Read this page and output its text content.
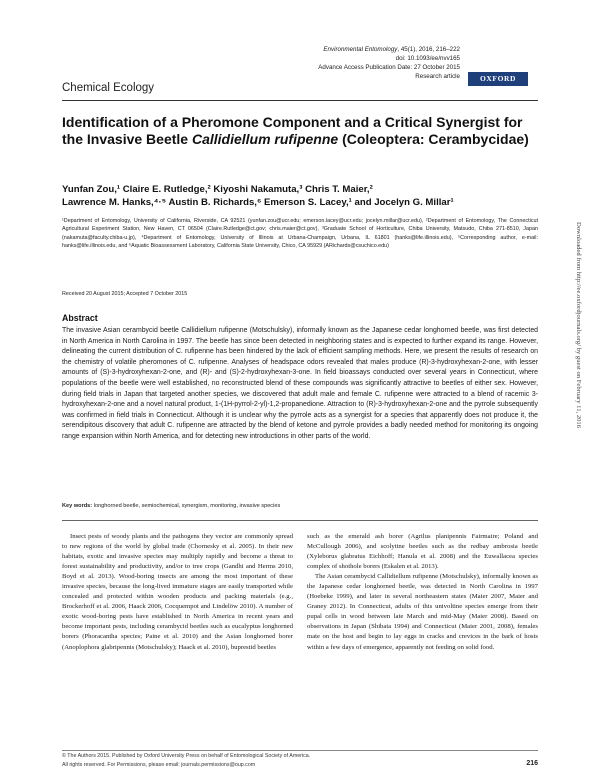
Environmental Entomology, 45(1), 2016, 216–222
doi: 10.1093/ee/nvv165
Advance Access Publication Date: 27 October 2015
Research article	OXFORD
Chemical Ecology
Identification of a Pheromone Component and a Critical Synergist for the Invasive Beetle Callidiellum rufipenne (Coleoptera: Cerambycidae)
Yunfan Zou,¹ Claire E. Rutledge,² Kiyoshi Nakamuta,³ Chris T. Maier,²
Lawrence M. Hanks,⁴·⁵ Austin B. Richards,⁶ Emerson S. Lacey,¹ and Jocelyn G. Millar¹
¹Department of Entomology, University of California, Riverside, CA 92521 (yunfan.zou@ucr.edu; emerson.lacey@ucr.edu; jocelyn.millar@ucr.edu), ²Department of Entomology, The Connecticut Agricultural Experiment Station, New Haven, CT 06504 (Claire.Rutledge@ct.gov; chris.maier@ct.gov), ³Graduate School of Horticulture, Chiba University, Matsudo, Chiba 271-8510, Japan (nakamuta@faculty.chiba-u.jp), ⁴Department of Entomology, University of Illinois at Urbana-Champaign, Urbana, IL 61801 (hanks@life.illinois.edu), ⁵Corresponding author, e-mail: hanks@life.illinois.edu, and ⁶Aquatic Bioassessment Laboratory, California State University, Chico, CA 95929 (ARichards@csuchico.edu)
Received 20 August 2015; Accepted 7 October 2015
Abstract
The invasive Asian cerambycid beetle Callidiellum rufipenne (Motschulsky), informally known as the Japanese cedar longhorned beetle, was first detected in North America in North Carolina in 1997. The beetle has since been detected in neighboring states and is expected to further expand its range. However, delineating the current distribution of C. rufipenne has been hindered by the lack of efficient sampling methods. Here, we present the results of research on the chemistry of volatile pheromones of C. rufipenne. Analyses of headspace odors revealed that males produce (R)-3-hydroxyhexan-2-one, with lesser amounts of (S)-3-hydroxyhexan-2-one, and (R)- and (S)-2-hydroxyhexan-3-one. In field bioassays conducted over several years in Connecticut, where populations of the beetle were well established, no reconstructed blend of these compounds was significantly attractive to beetles of either sex. However, during field trials in Japan that targeted another species, we discovered that adult male and female C. rufipenne were attracted to a blend of racemic 3-hydroxyhexan-2-one and a novel natural product, 1-(1H-pyrrol-2-yl)-1,2-propanedione. Attraction to (R)-3-hydroxyhexan-2-one and the pyrrole subsequently was confirmed in field trials in Connecticut. Although it is unclear why the pyrrole acts as a synergist for a species that apparently does not produce it, the serendipitous discovery that adult C. rufipenne are attracted by the blend of ketone and pyrrole provides a badly needed method for monitoring its ongoing range expansion within North America, and for detecting new introductions in other parts of the world.
Key words: longhorned beetle, semiochemical, synergism, monitoring, invasive species

Insect pests of woody plants and the pathogens they vector are commonly spread to new regions of the world by global trade (Chornesky et al. 2005). In their new habitats, exotic and invasive species may multiply rapidly and become a threat to forest sustainability and productivity, and/or to tree crops (Gandhi and Herms 2010, Boyd et al. 2013). Wood-boring insects are among the most important of these invasive species, because the long-lived immature stages are easily transported while concealed and protected within wooden products and packing materials (e.g., Brockerhoff et al. 2006, Haack 2006, Cocquempot and Lindelöw 2010). A number of exotic wood-boring pests have established in North America in recent years and become important pests, including cerambycid beetles such as eucalyptus longhorned borers (Phoracantha species; Paine et al. 2010) and the Asian longhorned borer (Anoplophora glabripennis (Motschulsky); Haack et al. 2010), buprestid beetles

such as the emerald ash borer (Agrilus planipennis Fairmaire; Poland and McCullough 2006), and scolytine beetles such as the redbay ambrosia beetle (Xyleborus glabratus Eichhoff; Hanula et al. 2008) and the Euwallacea species complex of shothole borers (Eskalen et al. 2013).

The Asian cerambycid Callidiellum rufipenne (Motschulsky), informally known as the Japanese cedar longhorned beetle, was detected in North Carolina in 1997 (Hoebeke 1999), and later in several northeastern states (Maier 2007, Maier and Graney 2012). In Connecticut, adults of this univoltine species emerge from their pupal cells in wood between late March and mid-May (Maier 2008). Based on observations in Japan (Shibata 1994) and Connecticut (Maier 2001, 2008), females mate on the host and begin to lay eggs in cracks and crevices in the bark of hosts within a few days of emergence, apparently not feeding on solid food.

© The Authors 2015. Published by Oxford University Press on behalf of Entomological Society of America.
All rights reserved. For Permissions, please email: journals.permissions@oup.com	216
Downloaded from http://ee.oxfordjournals.org/ by guest on February 11, 2016
